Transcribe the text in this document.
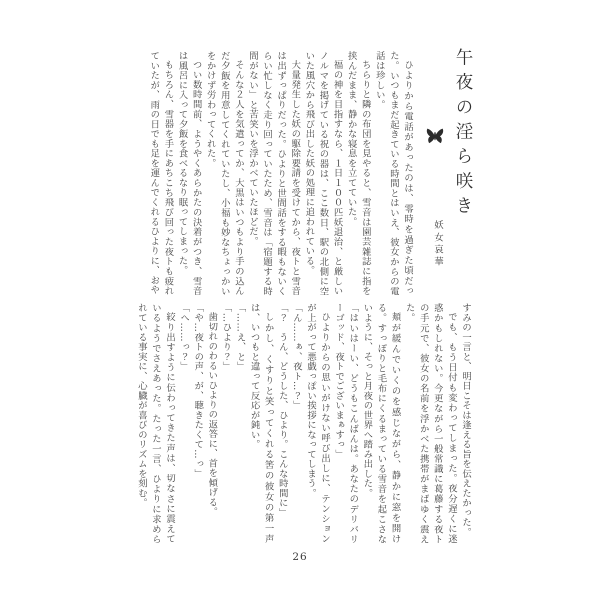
午夜の淫ら咲き
妖女哀華

ひよりから電話があったのは、零時を過ぎた頃だった。いつもまだ起きている時間とはいえ、彼女からの電話は珍しい。

ちらりと隣の布団を見やると、雪音は園芸雑誌に指を挟んだまま、静かな寝息を立てていた。

福の神を目指すなら、１日１００匹妖退治、と厳しいノルマを掲げている祝の器は、ここ数日、駅の北側に空いた風穴から飛び出した妖の処理に追われている。

大量発生した妖の駆除要請を受けてから、夜トと雪音は出ずっぱりだった。ひよりと世間話をする暇もないくらい忙しなく走り回っていたため、雪音は「宿題する時間がない」と苦笑いを浮かべていたほどだ。

そんな２人を気遣ってか、大黒はいつもより手の込んだ夕飯を用意してくれていたし、小福も妙なちょっかいをかけず労わってくれた。

つい数時間前、ようやくあらかたの決着がつき、雪音は風呂に入って夕飯を食べるなり眠ってしまった。

もちろん、雪器を手にあちこち飛び回った夜トも疲れていたが、雨の日でも足を運んでくれるひよりに、おや

すみの一言と、明日こそは逢える旨を伝えたかった。

でも、もう日付も変わってしまった。夜分遅くに迷惑かもしれない。今更ながら一般常識に葛藤する夜トの手元で、彼女の名前を浮かべた携帯がまばゆく震えた。

頬が緩んでいくのを感じながら、静かに窓を開ける。すっぽりと毛布にくるまっている雪音を起こさないように、そっと月夜の世界へ踏み出した。

「はいはーい、どうもこんばんは。あなたのデリバリーゴッド、夜トでございまぁすっ」

ひよりからの思いがけない呼び出しに、テンションが上がって悪戯っぽい挨拶になってしまう。

「ん……ぁ、夜ト…？」

「？　うん、どうした、ひより。こんな時間に」

しかし、くすりと笑ってくれる筈の彼女の第一声は、いつもと違って反応が鈍い。

「……え、と」

「…ひより？」

歯切れのわるいひよりの返答に、首を傾げる。

「や…夜トの声、が、聴きたくて…っ」

「へ……っ？」

絞り出すように伝わってきた声は、切なさに震えているようでさえあった。たった一言、ひよりに求められている事実に、心臓が喜びのリズムを刻む。

26
